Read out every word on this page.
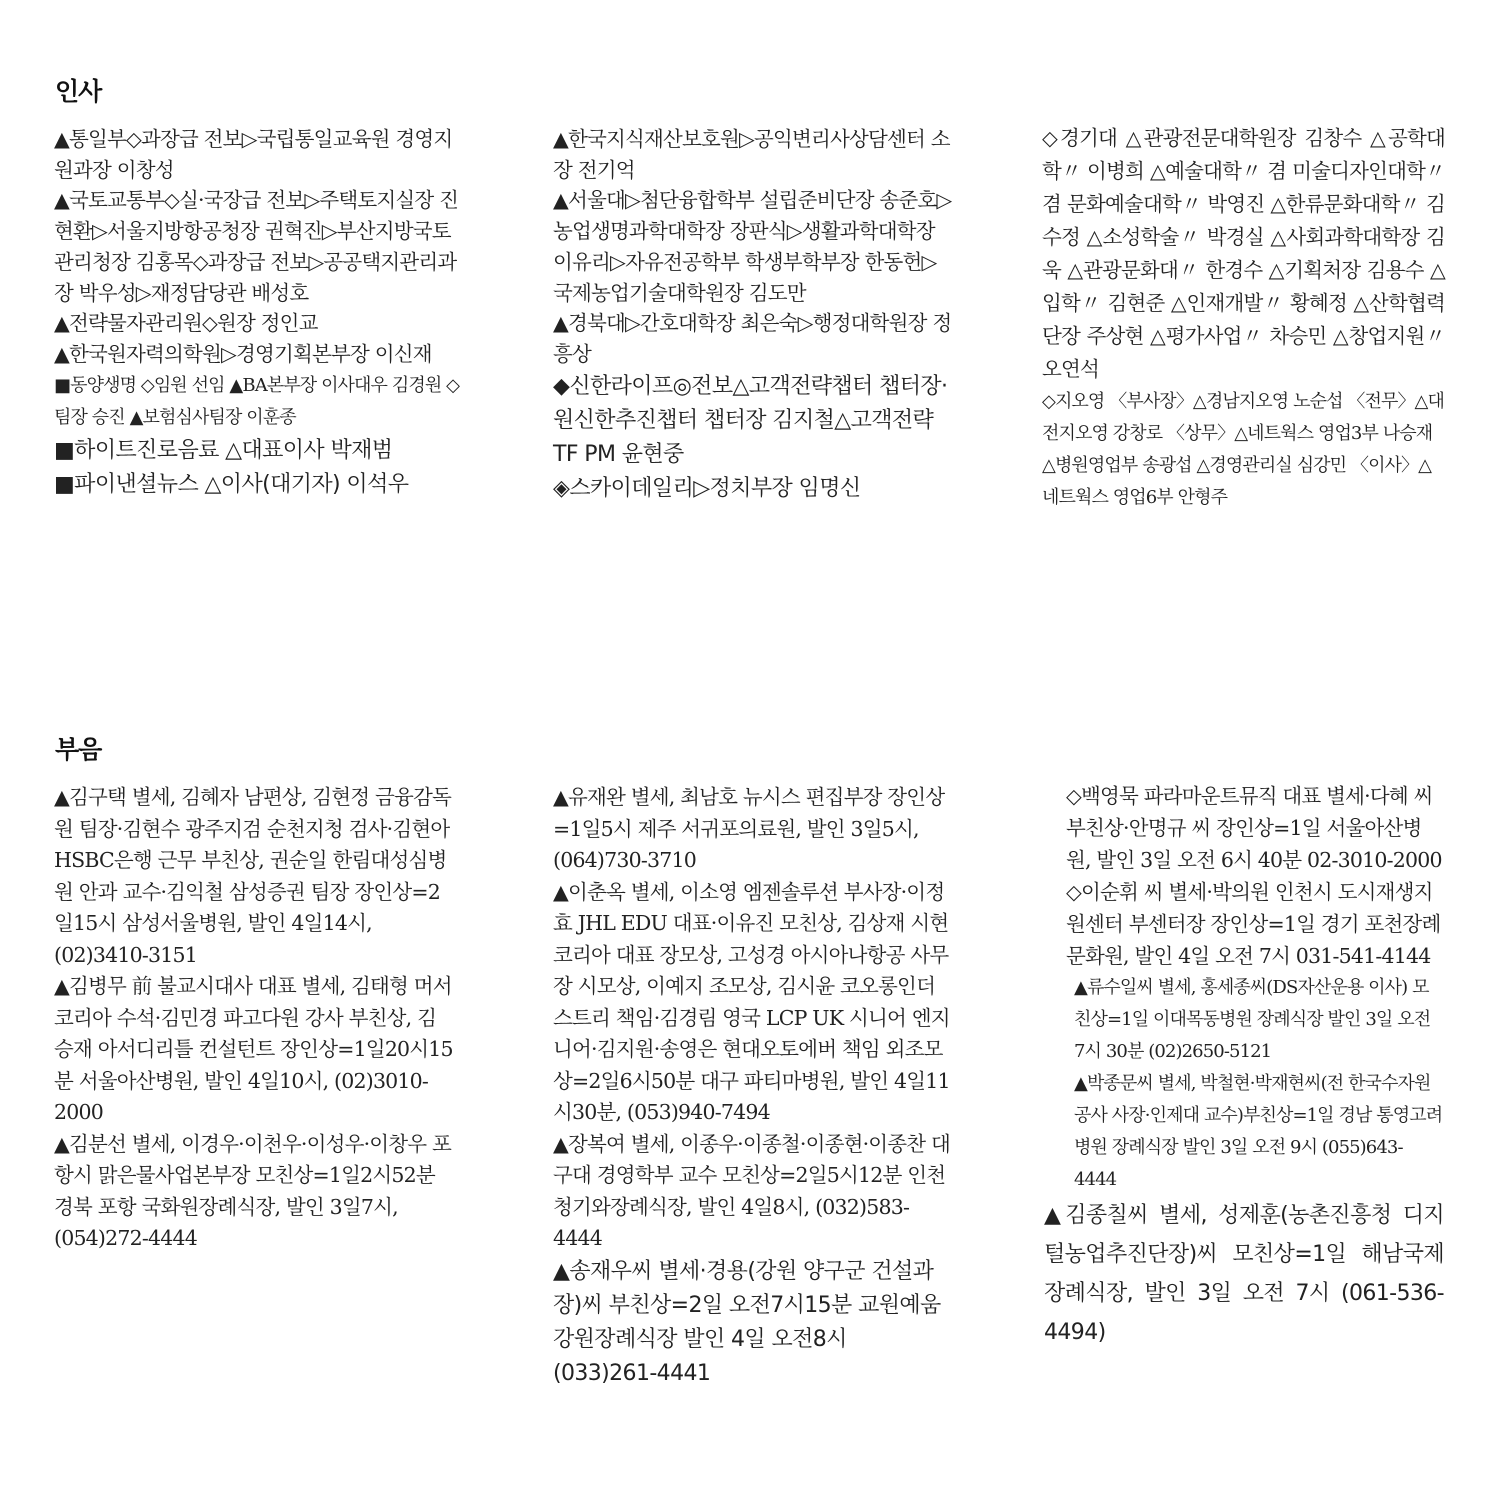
인사

▲통일부◇과장급 전보▷국립통일교육원 경영지원과장 이창성

▲국토교통부◇실·국장급 전보▷주택토지실장 진현환▷서울지방항공청장 권혁진▷부산지방국토관리청장 김홍목◇과장급 전보▷공공택지관리과장 박우성▷재정담당관 배성호

▲전략물자관리원◇원장 정인교

▲한국원자력의학원▷경영기획본부장 이신재

■동양생명 ◇임원 선임 ▲BA본부장 이사대우 김경원 ◇팀장 승진 ▲보험심사팀장 이훈종

■하이트진로음료 △대표이사 박재범

■파이낸셜뉴스 △이사(대기자) 이석우

▲한국지식재산보호원▷공익변리사상담센터 소장 전기억

▲서울대▷첨단융합학부 설립준비단장 송준호▷농업생명과학대학장 장판식▷생활과학대학장 이유리▷자유전공학부 학생부학부장 한동헌▷국제농업기술대학원장 김도만

▲경북대▷간호대학장 최은숙▷행정대학원장 정흥상

◆신한라이프◎전보△고객전략챕터 챕터장·원신한추진챕터 챕터장 김지철△고객전략 TF PM 윤현중

◈스카이데일리▷정치부장 임명신

◇경기대 △관광전문대학원장 김창수 △공학대학〃 이병희 △예술대학〃 겸 미술디자인대학〃 겸 문화예술대학〃 박영진 △한류문화대학〃 김수정 △소성학술〃 박경실 △사회과학대학장 김욱 △관광문화대〃 한경수 △기획처장 김용수 △입학〃 김현준 △인재개발〃 황혜정 △산학협력단장 주상현 △평가사업〃 차승민 △창업지원〃 오연석

◇지오영 〈부사장〉△경남지오영 노순섭 〈전무〉△대전지오영 강창로 〈상무〉△네트웍스 영업3부 나승재 △병원영업부 송광섭 △경영관리실 심강민 〈이사〉△네트웍스 영업6부 안형주

부음

▲김구택 별세, 김혜자 남편상, 김현정 금융감독원 팀장·김현수 광주지검 순천지청 검사·김현아 HSBC은행 근무 부친상, 권순일 한림대성심병원 안과 교수·김익철 삼성증권 팀장 장인상=2일15시 삼성서울병원, 발인 4일14시, (02)3410-3151

▲김병무 前 불교시대사 대표 별세, 김태형 머서코리아 수석·김민경 파고다원 강사 부친상, 김승재 아서디리틀 컨설턴트 장인상=1일20시15분 서울아산병원, 발인 4일10시, (02)3010-2000

▲김분선 별세, 이경우·이천우·이성우·이창우 포항시 맑은물사업본부장 모친상=1일2시52분 경북 포항 국화원장례식장, 발인 3일7시, (054)272-4444

▲유재완 별세, 최남호 뉴시스 편집부장 장인상=1일5시 제주 서귀포의료원, 발인 3일5시, (064)730-3710

▲이춘옥 별세, 이소영 엠젠솔루션 부사장·이정효 JHL EDU 대표·이유진 모친상, 김상재 시현코리아 대표 장모상, 고성경 아시아나항공 사무장 시모상, 이예지 조모상, 김시윤 코오롱인더스트리 책임·김경림 영국 LCP UK 시니어 엔지니어·김지원·송영은 현대오토에버 책임 외조모상=2일6시50분 대구 파티마병원, 발인 4일11시30분, (053)940-7494

▲장복여 별세, 이종우·이종철·이종현·이종찬 대구대 경영학부 교수 모친상=2일5시12분 인천 청기와장례식장, 발인 4일8시, (032)583-4444

▲송재우씨 별세·경용(강원 양구군 건설과장)씨 부친상=2일 오전7시15분 교원예움강원장례식장 발인 4일 오전8시 (033)261-4441

◇백영묵 파라마운트뮤직 대표 별세·다혜 씨 부친상·안명규 씨 장인상=1일 서울아산병원, 발인 3일 오전 6시 40분 02-3010-2000

◇이순휘 씨 별세·박의원 인천시 도시재생지원센터 부센터장 장인상=1일 경기 포천장례문화원, 발인 4일 오전 7시 031-541-4144

▲류수일씨 별세, 홍세종씨(DS자산운용 이사) 모친상=1일 이대목동병원 장례식장 발인 3일 오전 7시 30분 (02)2650-5121

▲박종문씨 별세, 박철현·박재현씨(전 한국수자원공사 사장·인제대 교수)부친상=1일 경남 통영고려병원 장례식장 발인 3일 오전 9시 (055)643-4444

▲김종칠씨 별세, 성제훈(농촌진흥청 디지털농업추진단장)씨 모친상=1일 해남국제장례식장, 발인 3일 오전 7시 (061-536-4494)
